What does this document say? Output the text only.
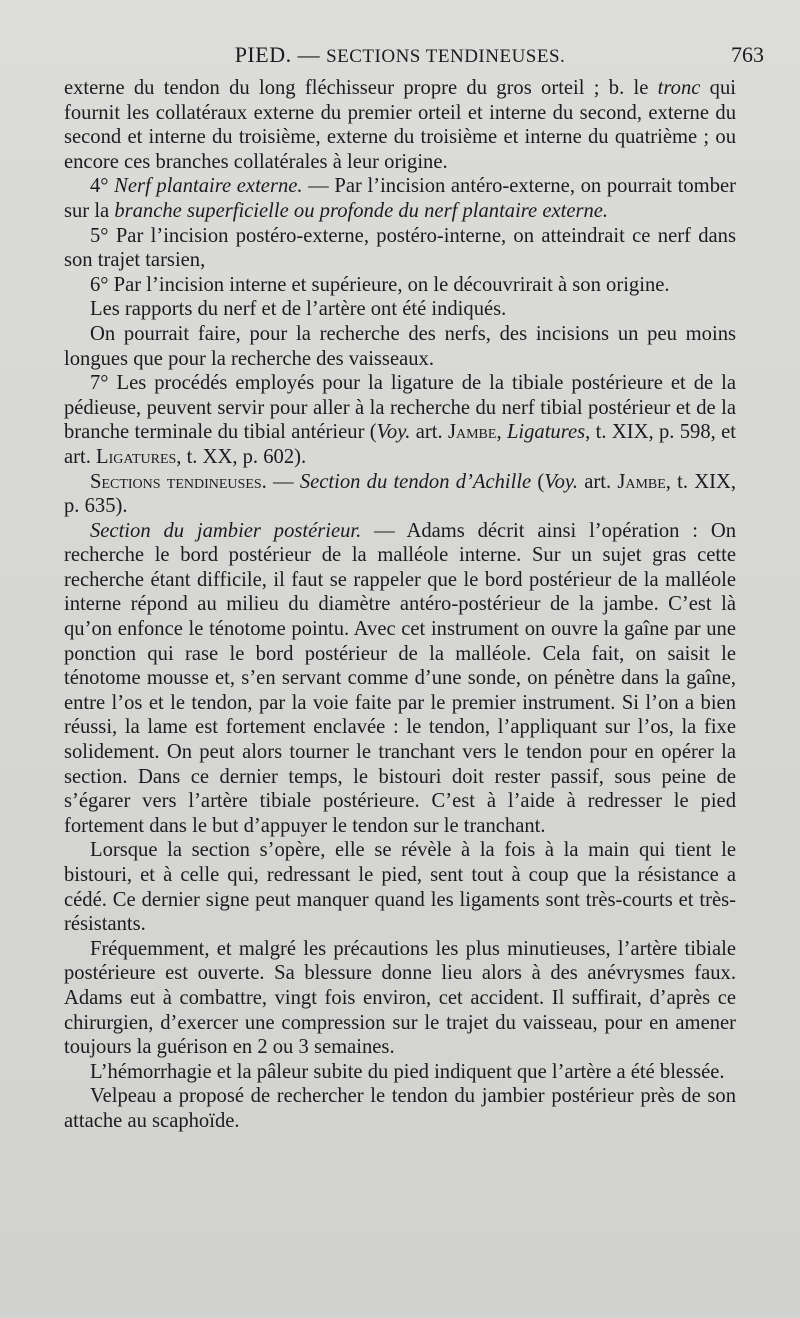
PIED. — SECTIONS TENDINEUSES.	763

externe du tendon du long fléchisseur propre du gros orteil ; b. le tronc qui fournit les collatéraux externe du premier orteil et interne du second, externe du second et interne du troisième, externe du troisième et interne du quatrième ; ou encore ces branches collatérales à leur origine.

4° Nerf plantaire externe. — Par l’incision antéro-externe, on pourrait tomber sur la branche superficielle ou profonde du nerf plantaire externe.

5° Par l’incision postéro-externe, postéro-interne, on atteindrait ce nerf dans son trajet tarsien,

6° Par l’incision interne et supérieure, on le découvrirait à son origine.

Les rapports du nerf et de l’artère ont été indiqués.

On pourrait faire, pour la recherche des nerfs, des incisions un peu moins longues que pour la recherche des vaisseaux.

7° Les procédés employés pour la ligature de la tibiale postérieure et de la pédieuse, peuvent servir pour aller à la recherche du nerf tibial postérieur et de la branche terminale du tibial antérieur (Voy. art. Jambe, Ligatures, t. XIX, p. 598, et art. Ligatures, t. XX, p. 602).

Sections tendineuses. — Section du tendon d’Achille (Voy. art. Jambe, t. XIX, p. 635).

Section du jambier postérieur. — Adams décrit ainsi l’opération : On recherche le bord postérieur de la malléole interne. Sur un sujet gras cette recherche étant difficile, il faut se rappeler que le bord postérieur de la malléole interne répond au milieu du diamètre antéro-postérieur de la jambe. C’est là qu’on enfonce le ténotome pointu. Avec cet instrument on ouvre la gaîne par une ponction qui rase le bord postérieur de la malléole. Cela fait, on saisit le ténotome mousse et, s’en servant comme d’une sonde, on pénètre dans la gaîne, entre l’os et le tendon, par la voie faite par le premier instrument. Si l’on a bien réussi, la lame est fortement enclavée : le tendon, l’appliquant sur l’os, la fixe solidement. On peut alors tourner le tranchant vers le tendon pour en opérer la section. Dans ce dernier temps, le bistouri doit rester passif, sous peine de s’égarer vers l’artère tibiale postérieure. C’est à l’aide à redresser le pied fortement dans le but d’appuyer le tendon sur le tranchant.

Lorsque la section s’opère, elle se révèle à la fois à la main qui tient le bistouri, et à celle qui, redressant le pied, sent tout à coup que la résistance a cédé. Ce dernier signe peut manquer quand les ligaments sont très-courts et très-résistants.

Fréquemment, et malgré les précautions les plus minutieuses, l’artère tibiale postérieure est ouverte. Sa blessure donne lieu alors à des anévrysmes faux. Adams eut à combattre, vingt fois environ, cet accident. Il suffirait, d’après ce chirurgien, d’exercer une compression sur le trajet du vaisseau, pour en amener toujours la guérison en 2 ou 3 semaines.

L’hémorrhagie et la pâleur subite du pied indiquent que l’artère a été blessée.

Velpeau a proposé de rechercher le tendon du jambier postérieur près de son attache au scaphoïde.
